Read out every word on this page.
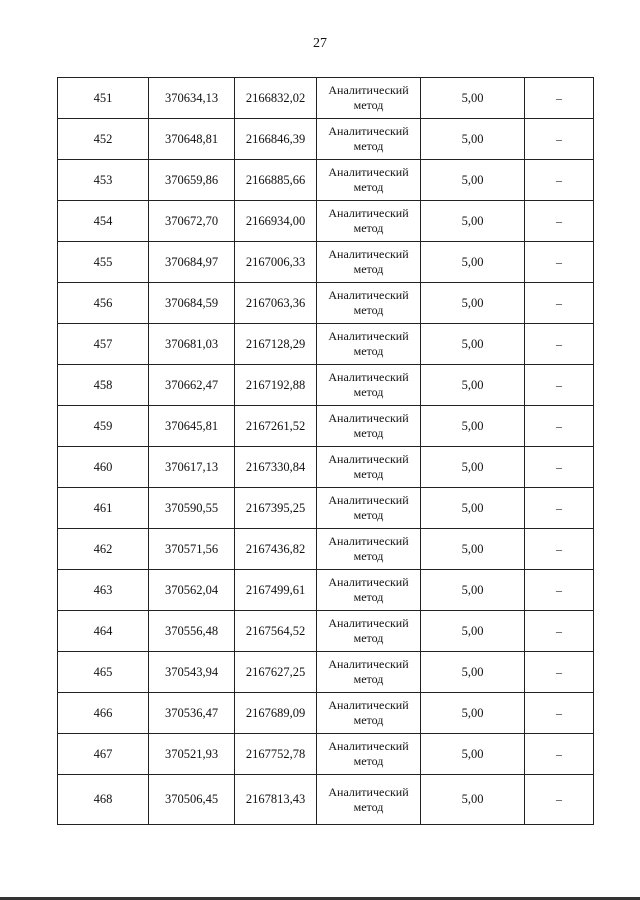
27
451	370634,13	2166832,02	Аналитический
метод	5,00	–
452	370648,81	2166846,39	Аналитический
метод	5,00	–
453	370659,86	2166885,66	Аналитический
метод	5,00	–
454	370672,70	2166934,00	Аналитический
метод	5,00	–
455	370684,97	2167006,33	Аналитический
метод	5,00	–
456	370684,59	2167063,36	Аналитический
метод	5,00	–
457	370681,03	2167128,29	Аналитический
метод	5,00	–
458	370662,47	2167192,88	Аналитический
метод	5,00	–
459	370645,81	2167261,52	Аналитический
метод	5,00	–
460	370617,13	2167330,84	Аналитический
метод	5,00	–
461	370590,55	2167395,25	Аналитический
метод	5,00	–
462	370571,56	2167436,82	Аналитический
метод	5,00	–
463	370562,04	2167499,61	Аналитический
метод	5,00	–
464	370556,48	2167564,52	Аналитический
метод	5,00	–
465	370543,94	2167627,25	Аналитический
метод	5,00	–
466	370536,47	2167689,09	Аналитический
метод	5,00	–
467	370521,93	2167752,78	Аналитический
метод	5,00	–
468	370506,45	2167813,43	Аналитический
метод	5,00	–
